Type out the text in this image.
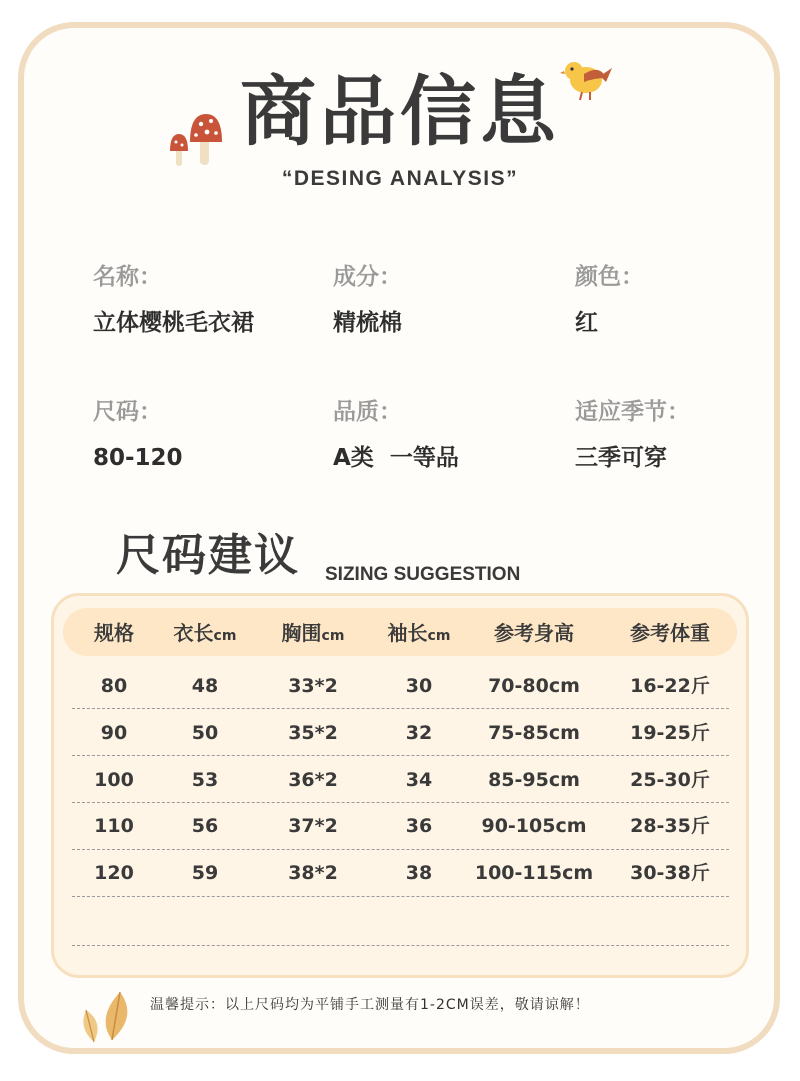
商品信息
“DESING ANALYSIS”
名称：
立体樱桃毛衣裙
成分：
精梳棉
颜色：
红
尺码：
80-120
品质：
A类  一等品
适应季节：
三季可穿
尺码建议 SIZING SUGGESTION
规格	衣长cm	胸围cm	袖长cm	参考身高	参考体重
80	48	33*2	30	70-80cm	16-22斤
90	50	35*2	32	75-85cm	19-25斤
100	53	36*2	34	85-95cm	25-30斤
110	56	37*2	36	90-105cm	28-35斤
120	59	38*2	38	100-115cm	30-38斤
温馨提示：以上尺码均为平铺手工测量有1-2CM误差，敬请谅解！
